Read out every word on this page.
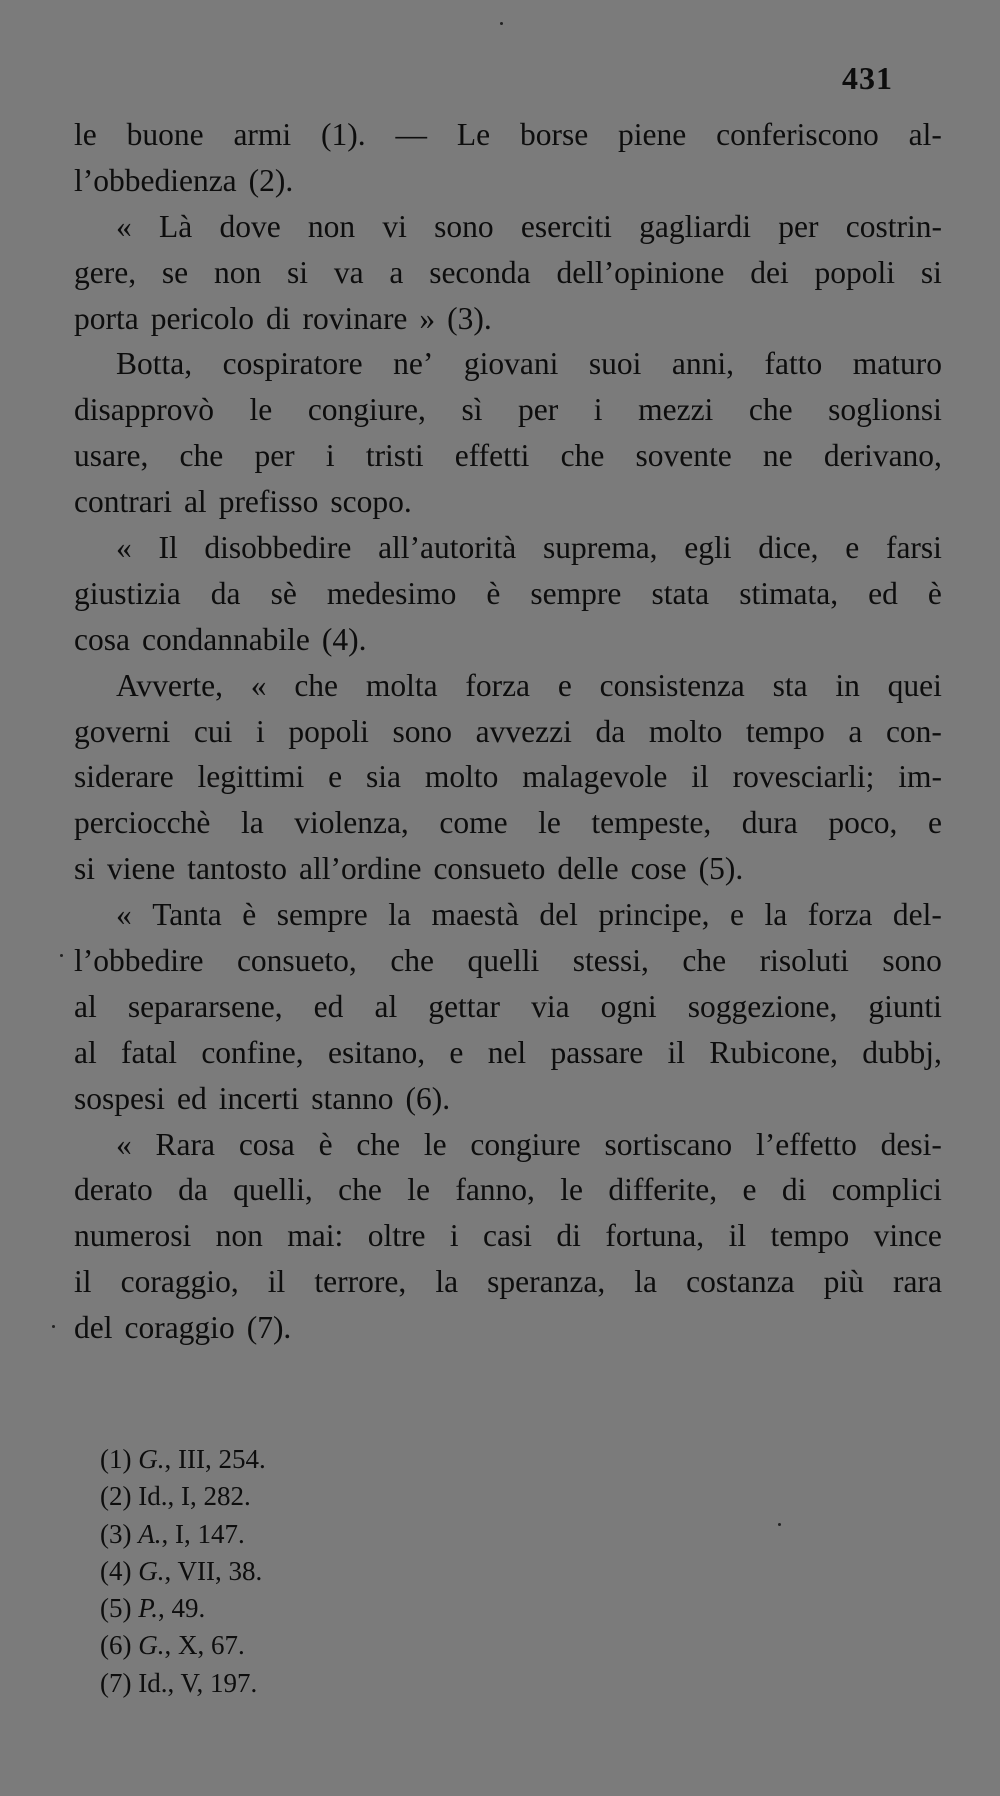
431
le buone armi (1). — Le borse piene conferiscono al-
l’obbedienza (2).
« Là dove non vi sono eserciti gagliardi per costrin-
gere, se non si va a seconda dell’opinione dei popoli si
porta pericolo di rovinare » (3).
Botta, cospiratore ne’ giovani suoi anni, fatto maturo
disapprovò le congiure, sì per i mezzi che soglionsi
usare, che per i tristi effetti che sovente ne derivano,
contrari al prefisso scopo.
« Il disobbedire all’autorità suprema, egli dice, e farsi
giustizia da sè medesimo è sempre stata stimata, ed è
cosa condannabile (4).
Avverte, « che molta forza e consistenza sta in quei
governi cui i popoli sono avvezzi da molto tempo a con-
siderare legittimi e sia molto malagevole il rovesciarli; im-
perciocchè la violenza, come le tempeste, dura poco, e
si viene tantosto all’ordine consueto delle cose (5).
« Tanta è sempre la maestà del principe, e la forza del-
l’obbedire consueto, che quelli stessi, che risoluti sono
al separarsene, ed al gettar via ogni soggezione, giunti
al fatal confine, esitano, e nel passare il Rubicone, dubbj,
sospesi ed incerti stanno (6).
« Rara cosa è che le congiure sortiscano l’effetto desi-
derato da quelli, che le fanno, le differite, e di complici
numerosi non mai: oltre i casi di fortuna, il tempo vince
il coraggio, il terrore, la speranza, la costanza più rara
del coraggio (7).
(1) G., III, 254.
(2) Id., I, 282.
(3) A., I, 147.
(4) G., VII, 38.
(5) P., 49.
(6) G., X, 67.
(7) Id., V, 197.
